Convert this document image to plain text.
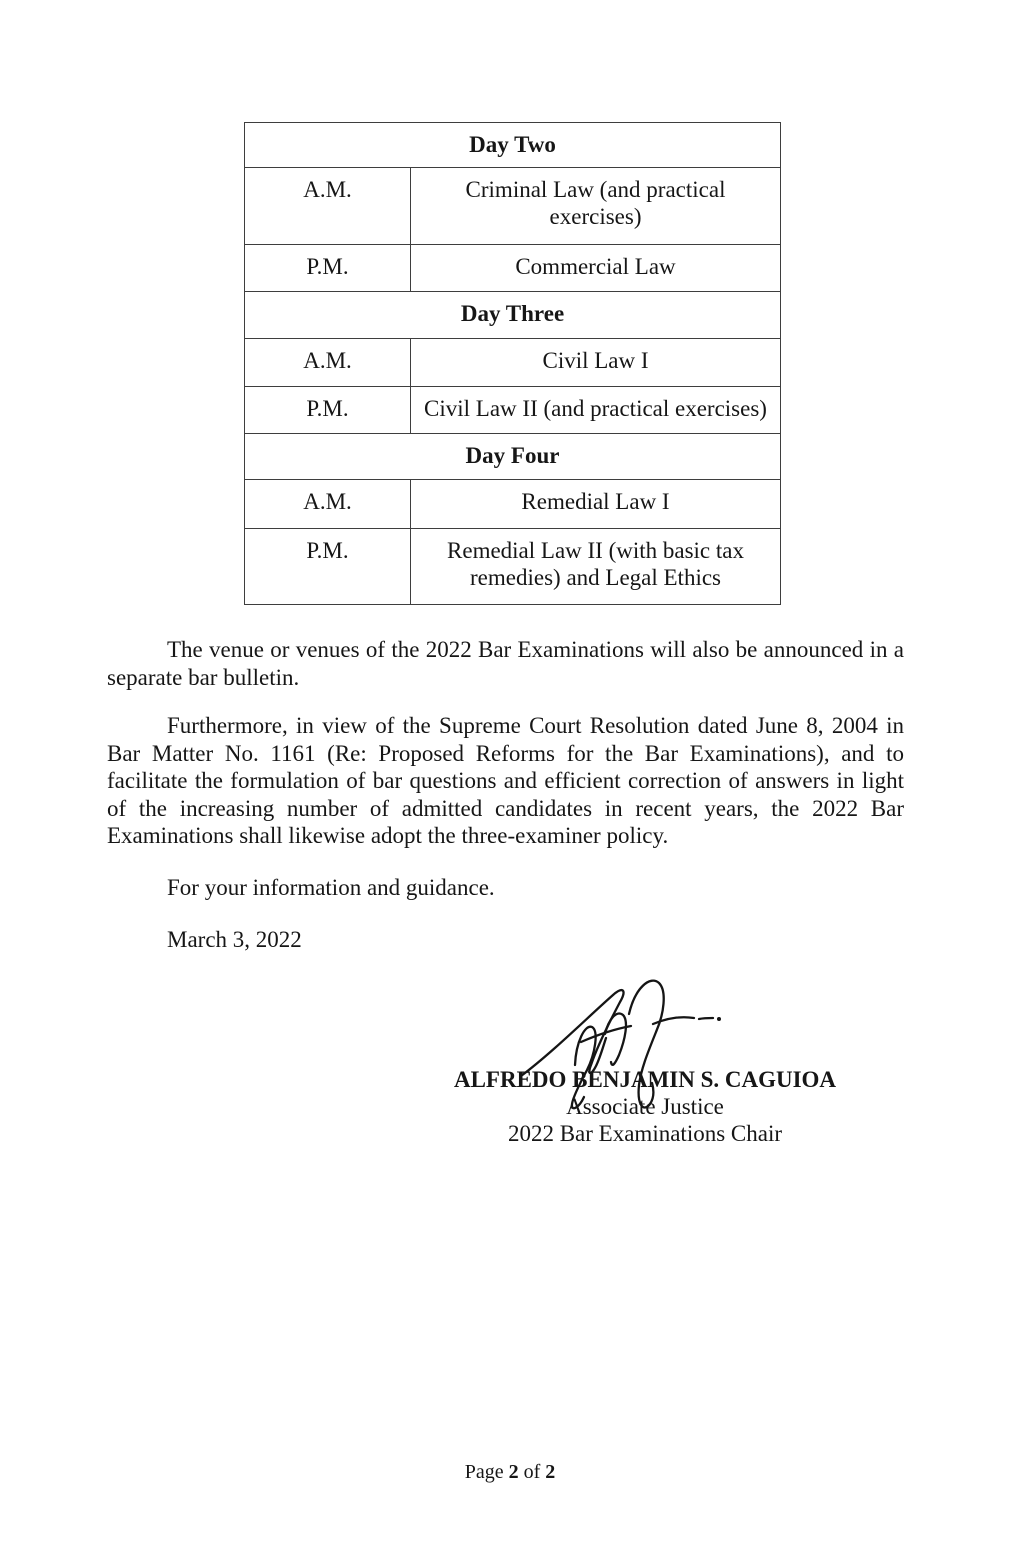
Day Two	
A.M.	Criminal Law (and practical exercises)
P.M.	Commercial Law
Day Three	
A.M.	Civil Law I
P.M.	Civil Law II (and practical exercises)
Day Four	
A.M.	Remedial Law I
P.M.	Remedial Law II (with basic tax remedies) and Legal Ethics

The venue or venues of the 2022 Bar Examinations will also be announced in a separate bar bulletin.

Furthermore, in view of the Supreme Court Resolution dated June 8, 2004 in Bar Matter No. 1161 (Re: Proposed Reforms for the Bar Examinations), and to facilitate the formulation of bar questions and efficient correction of answers in light of the increasing number of admitted candidates in recent years, the 2022 Bar Examinations shall likewise adopt the three-examiner policy.

For your information and guidance.

March 3, 2022

ALFREDO BENJAMIN S. CAGUIOA
Associate Justice
2022 Bar Examinations Chair
Page 2 of 2
